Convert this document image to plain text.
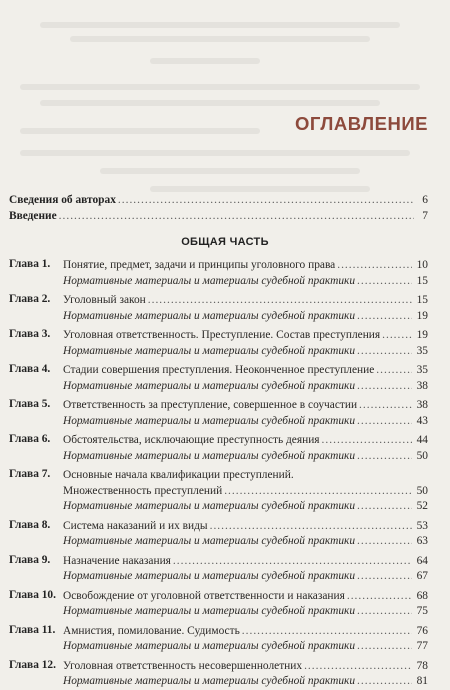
ОГЛАВЛЕНИЕ
Сведения об авторах .....	6
Введение .....	7
ОБЩАЯ ЧАСТЬ
Глава 1. Понятие, предмет, задачи и принципы уголовного права .....	10
Нормативные материалы и материалы судебной практики .....	15
Глава 2. Уголовный закон .....	15
Нормативные материалы и материалы судебной практики .....	19
Глава 3. Уголовная ответственность. Преступление. Состав преступления .....	19
Нормативные материалы и материалы судебной практики .....	35
Глава 4. Стадии совершения преступления. Неоконченное преступление .....	35
Нормативные материалы и материалы судебной практики .....	38
Глава 5. Ответственность за преступление, совершенное в соучастии .....	38
Нормативные материалы и материалы судебной практики .....	43
Глава 6. Обстоятельства, исключающие преступность деяния .....	44
Нормативные материалы и материалы судебной практики .....	50
Глава 7. Основные начала квалификации преступлений.
Множественность преступлений .....	50
Нормативные материалы и материалы судебной практики .....	52
Глава 8. Система наказаний и их виды .....	53
Нормативные материалы и материалы судебной практики .....	63
Глава 9. Назначение наказания .....	64
Нормативные материалы и материалы судебной практики .....	67
Глава 10. Освобождение от уголовной ответственности и наказания .....	68
Нормативные материалы и материалы судебной практики .....	75
Глава 11. Амнистия, помилование. Судимость .....	76
Нормативные материалы и материалы судебной практики .....	77
Глава 12. Уголовная ответственность несовершеннолетних .....	78
Нормативные материалы и материалы судебной практики .....	81
